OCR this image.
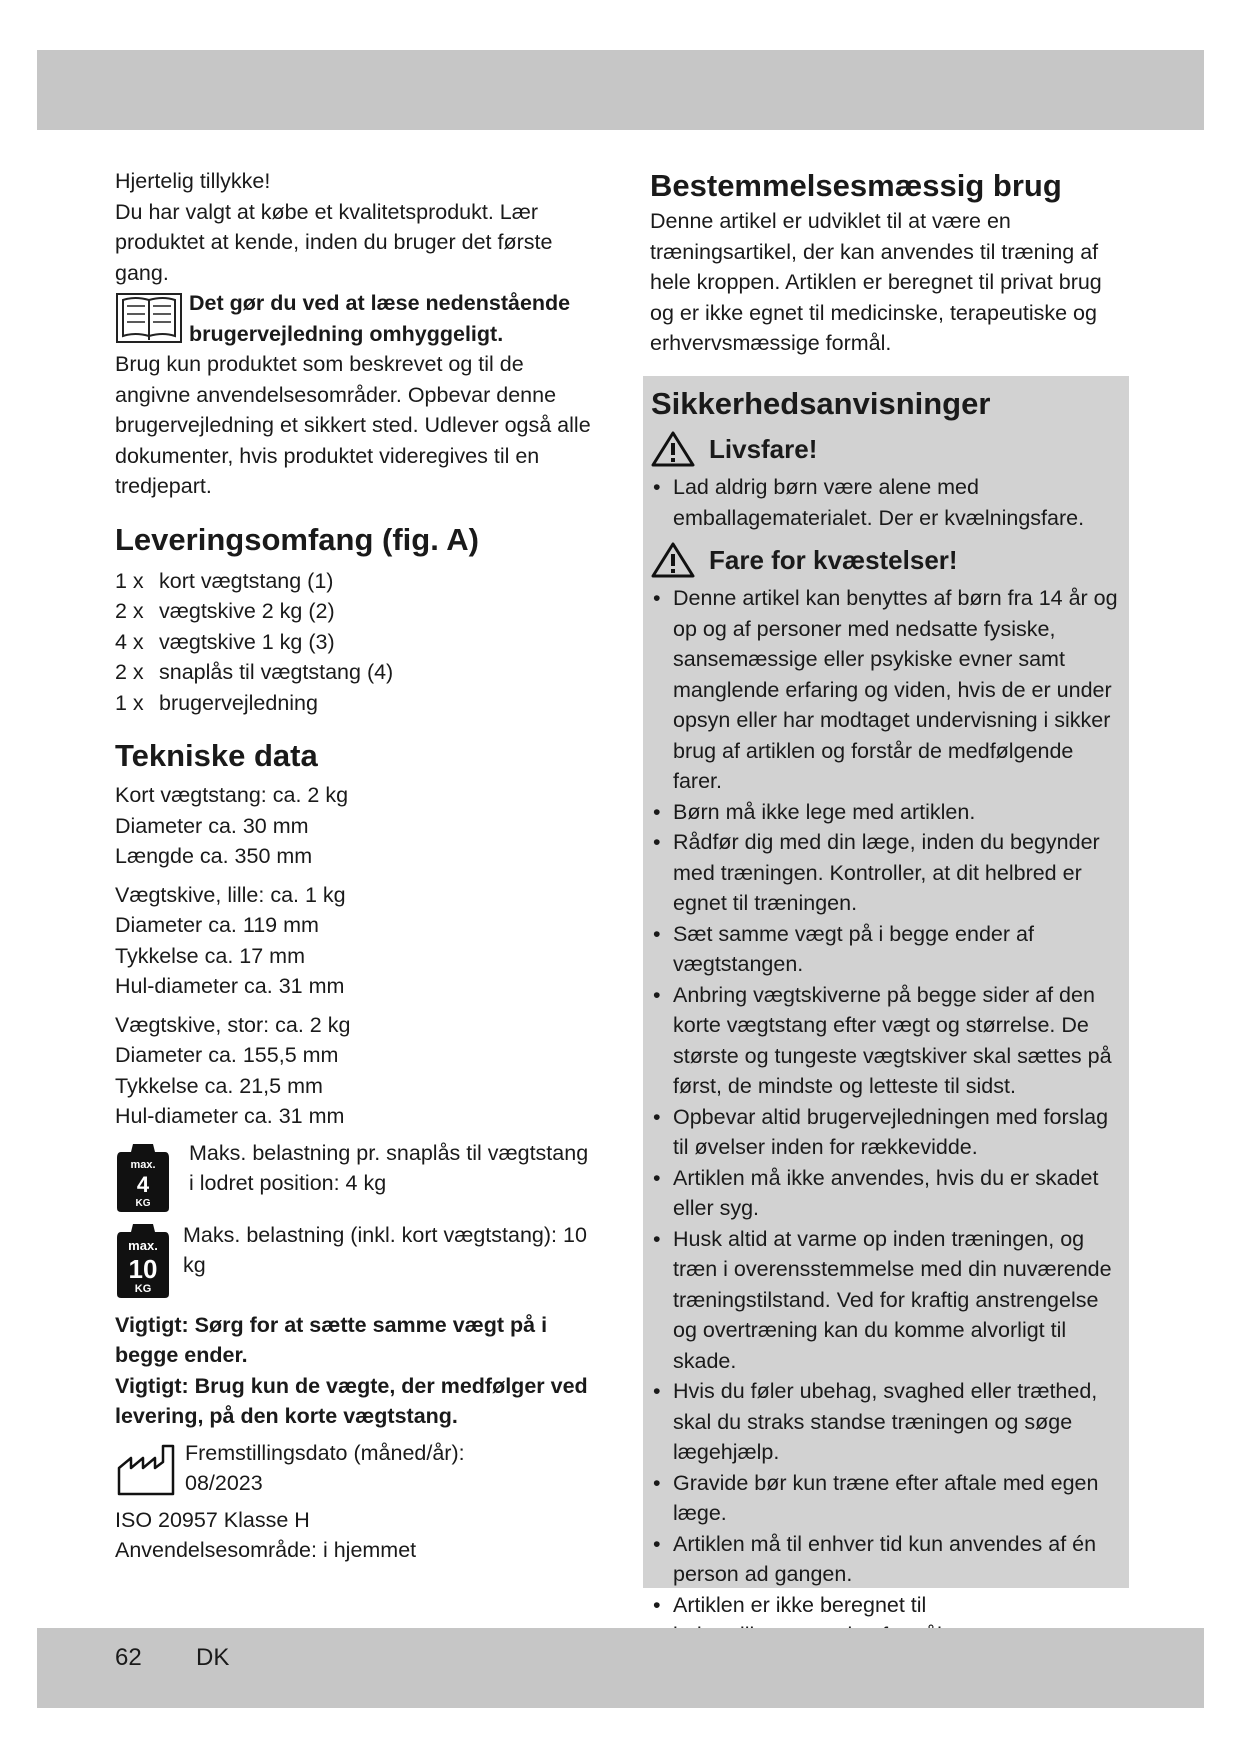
Hjertelig tillykke!

Du har valgt at købe et kvalitetsprodukt. Lær produktet at kende, inden du bruger det første gang.

Det gør du ved at læse nedenstående brugervejledning omhyggeligt.

Brug kun produktet som beskrevet og til de angivne anvendelsesområder. Opbevar denne brugervejledning et sikkert sted. Udlever også alle dokumenter, hvis produktet videregives til en tredjepart.

Leveringsomfang (fig. A)
1 x kort vægtstang (1)
2 x vægtskive 2 kg (2)
4 x vægtskive 1 kg (3)
2 x snaplås til vægtstang (4)
1 x brugervejledning
Tekniske data

Kort vægtstang: ca. 2 kg

Diameter ca. 30 mm

Længde ca. 350 mm

Vægtskive, lille: ca. 1 kg

Diameter ca. 119 mm

Tykkelse ca. 17 mm

Hul-diameter ca. 31 mm

Vægtskive, stor: ca. 2 kg

Diameter ca. 155,5 mm

Tykkelse ca. 21,5 mm

Hul-diameter ca. 31 mm

max.
4
KG

Maks. belastning pr. snaplås til vægtstang i lodret position: 4 kg

max.
10
KG

Maks. belastning (inkl. kort vægtstang): 10 kg

Vigtigt: Sørg for at sætte samme vægt på i begge ender.

Vigtigt: Brug kun de vægte, der medfølger ved levering, på den korte vægtstang.

Fremstillingsdato (måned/år):

08/2023

ISO 20957 Klasse H

Anvendelsesområde: i hjemmet

Bestemmelsesmæssig brug

Denne artikel er udviklet til at være en træningsartikel, der kan anvendes til træning af hele kroppen. Artiklen er beregnet til privat brug og er ikke egnet til medicinske, terapeutiske og erhvervsmæssige formål.

Sikkerhedsanvisninger
Livsfare!
• Lad aldrig børn være alene med emballagematerialet. Der er kvælningsfare.
Fare for kvæstelser!
• Denne artikel kan benyttes af børn fra 14 år og op og af personer med nedsatte fysiske, sansemæssige eller psykiske evner samt manglende erfaring og viden, hvis de er under opsyn eller har modtaget undervisning i sikker brug af artiklen og forstår de medfølgende farer.
• Børn må ikke lege med artiklen.
• Rådfør dig med din læge, inden du begynder med træningen. Kontroller, at dit helbred er egnet til træningen.
• Sæt samme vægt på i begge ender af vægtstangen.
• Anbring vægtskiverne på begge sider af den korte vægtstang efter vægt og størrelse. De største og tungeste vægtskiver skal sættes på først, de mindste og letteste til sidst.
• Opbevar altid brugervejledningen med forslag til øvelser inden for rækkevidde.
• Artiklen må ikke anvendes, hvis du er skadet eller syg.
• Husk altid at varme op inden træningen, og træn i overensstemmelse med din nuværende træningstilstand. Ved for kraftig anstrengelse og overtræning kan du komme alvorligt til skade.
• Hvis du føler ubehag, svaghed eller træthed, skal du straks standse træningen og søge lægehjælp.
• Gravide bør kun træne efter aftale med egen læge.
• Artiklen må til enhver tid kun anvendes af én person ad gangen.
• Artiklen er ikke beregnet til
62 DK
